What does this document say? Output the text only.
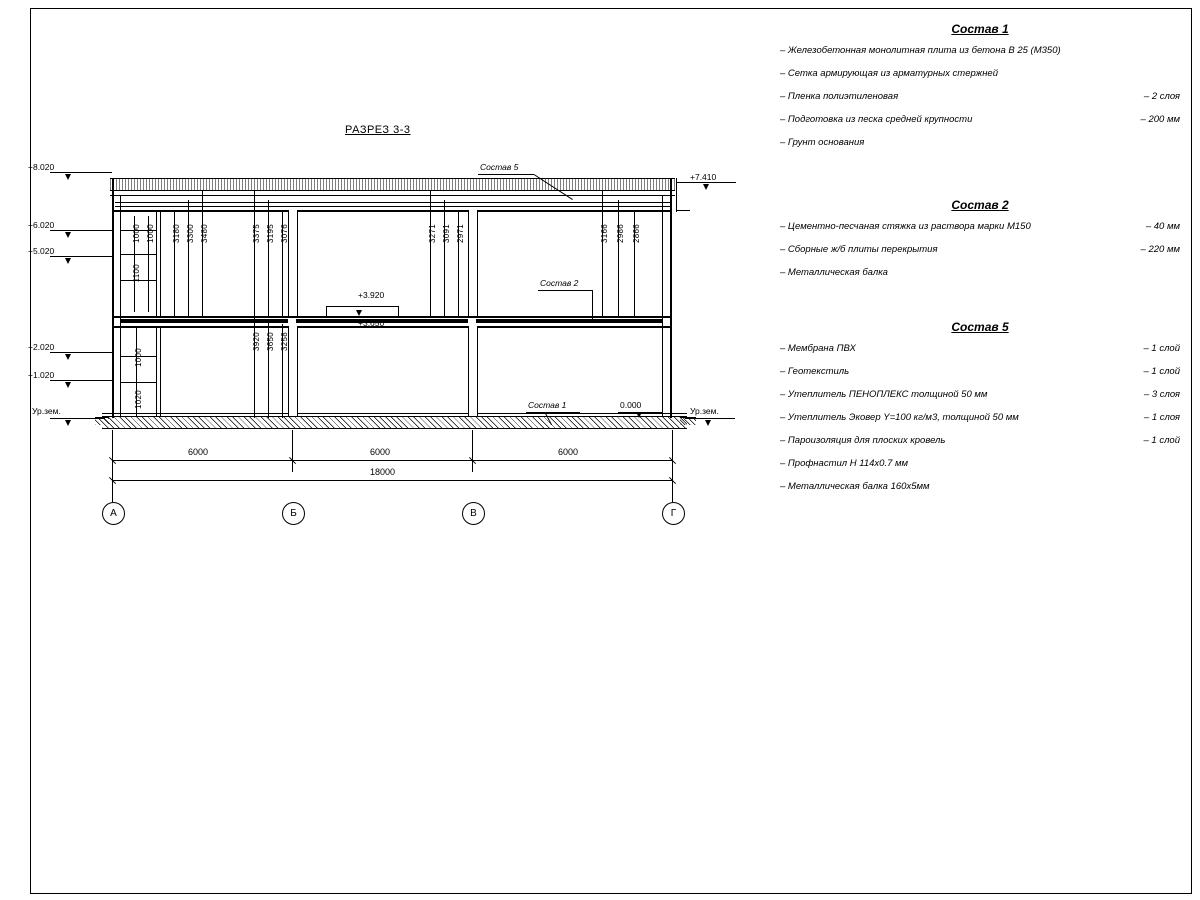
РАЗРЕЗ 3-3
Состав 1
– Железобетонная монолитная плита из бетона В 25 (М350)
– Сетка армирующая из арматурных стержней
– Пленка полиэтиленовая	– 2 слоя
– Подготовка из песка средней крупности	– 200 мм
– Грунт основания
Состав 2
– Цементно-песчаная стяжка из раствора марки М150	– 40 мм
– Сборные ж/б плиты перекрытия	– 220 мм
– Металлическая балка
Состав 5
– Мембрана ПВХ	– 1 слой
– Геотекстиль	– 1 слой
– Утеплитель ПЕНОПЛЕКС толщиной 50 мм	– 3 слоя
– Утеплитель Эковер Y=100 кг/м3, толщиной 50 мм	– 1 слоя
– Пароизоляция для плоских кровель	– 1 слой
– Профнастил Н 114х0.7 мм
– Металлическая балка 160х5мм
+8.020
+6.020
+5.020
+2.020
+1.020
Ур.зем.
+7.410
Ур.зем.
+3.920
+3.650
0.000
Состав 5
Состав 2
Состав 1
1000 1000
1100
3180 3300 3480	3375 3195 3076	3271 3091 2971	3166 2986 2866
3920 3650 3258
1000
1020
6000	6000	6000
18000
А	Б	В	Г
